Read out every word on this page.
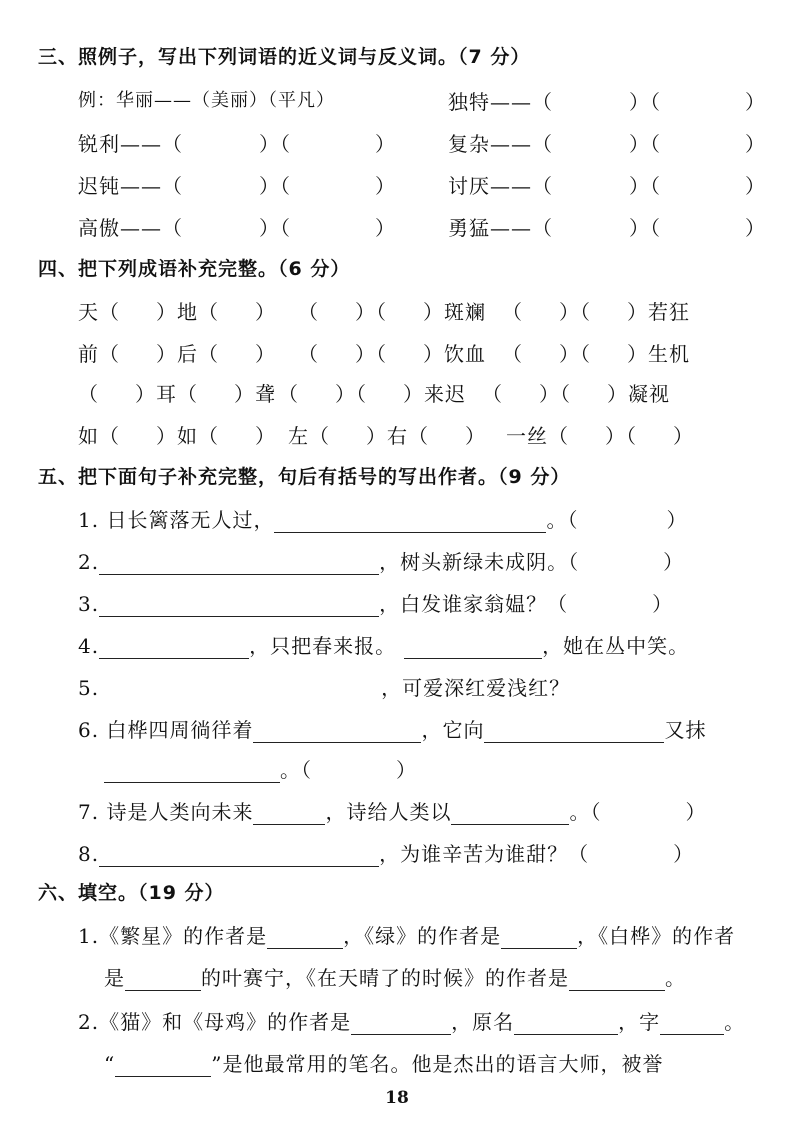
三、照例子，写出下列词语的近义词与反义词。（7 分）
例：华丽——（美丽）（平凡）	独特——（	）（	）
锐利——（	）（	）	复杂——（	）（	）
迟钝——（	）（	）	讨厌——（	）（	）
高傲——（	）（	）	勇猛——（	）（	）
四、把下列成语补充完整。（6 分）
天（ ）地（ ） （ ）（ ）斑斓 （ ）（ ）若狂
前（ ）后（ ） （ ）（ ）饮血 （ ）（ ）生机
（ ）耳（ ）聋 （ ）（ ）来迟 （ ）（ ）凝视
如（ ）如（ ） 左（ ）右（ ） 一丝（ ）（ ）
五、把下面句子补充完整，句后有括号的写出作者。（9 分）
1. 日长篱落无人过，	。（	）
2.	，树头新绿未成阴。（	）
3.	，白发谁家翁媪？（	）
4.	，只把春来报。	，她在丛中笑。
5.	，可爱深红爱浅红？
6. 白桦四周徜徉着	，它向	又抹
。（	）
7. 诗是人类向未来	，诗给人类以	。（	）
8.	，为谁辛苦为谁甜？（	）
六、填空。（19 分）
1.《繁星》的作者是	，《绿》的作者是	，《白桦》的作者
是	的叶赛宁，《在天晴了的时候》的作者是	。
2.《猫》和《母鸡》的作者是	，原名	，字	。
“	”是他最常用的笔名。他是杰出的语言大师，被誉
18
